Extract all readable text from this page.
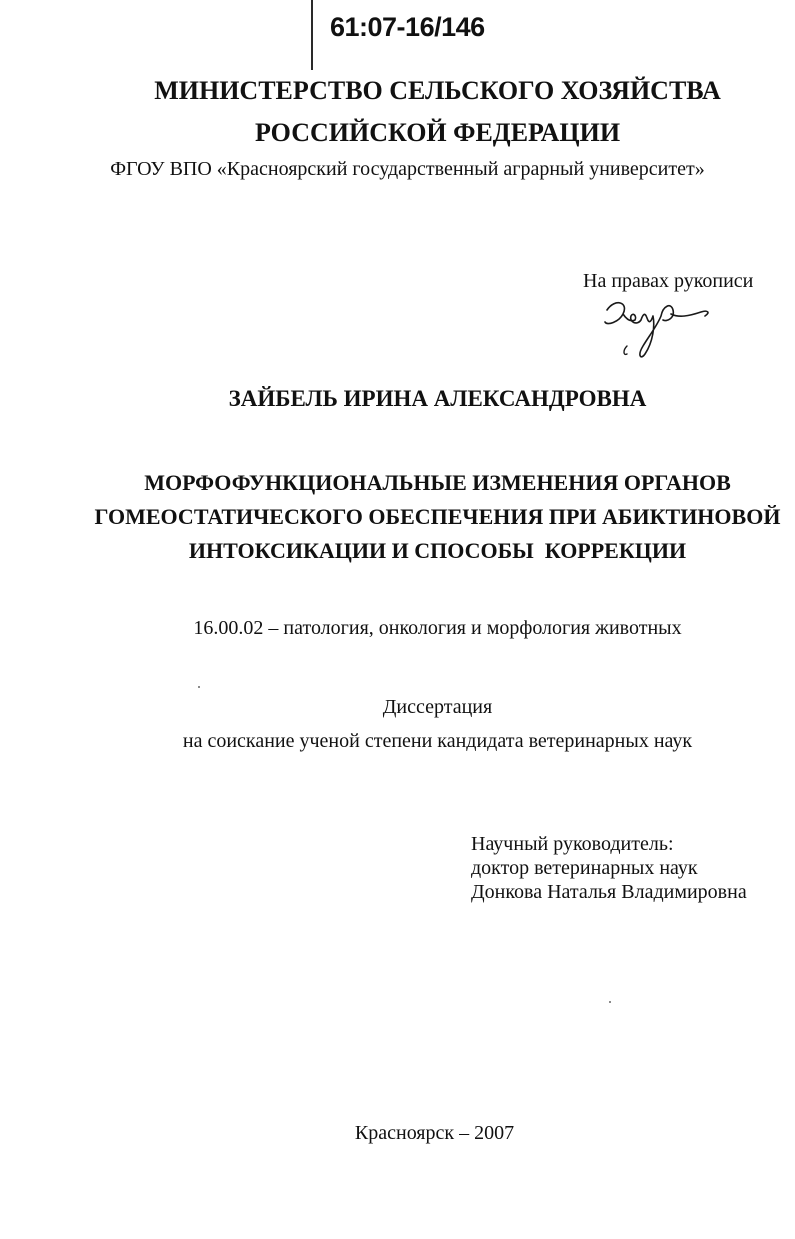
61:07-16/146
МИНИСТЕРСТВО СЕЛЬСКОГО ХОЗЯЙСТВА
РОССИЙСКОЙ ФЕДЕРАЦИИ
ФГОУ ВПО «Красноярский государственный аграрный университет»
На правах рукописи
ЗАЙБЕЛЬ ИРИНА АЛЕКСАНДРОВНА
МОРФОФУНКЦИОНАЛЬНЫЕ ИЗМЕНЕНИЯ ОРГАНОВ
ГОМЕОСТАТИЧЕСКОГО ОБЕСПЕЧЕНИЯ ПРИ АБИКТИНОВОЙ
ИНТОКСИКАЦИИ И СПОСОБЫ  КОРРЕКЦИИ
16.00.02 – патология, онкология и морфология животных
Диссертация
на соискание ученой степени кандидата ветеринарных наук
Научный руководитель:
доктор ветеринарных наук
Донкова Наталья Владимировна
Красноярск – 2007
